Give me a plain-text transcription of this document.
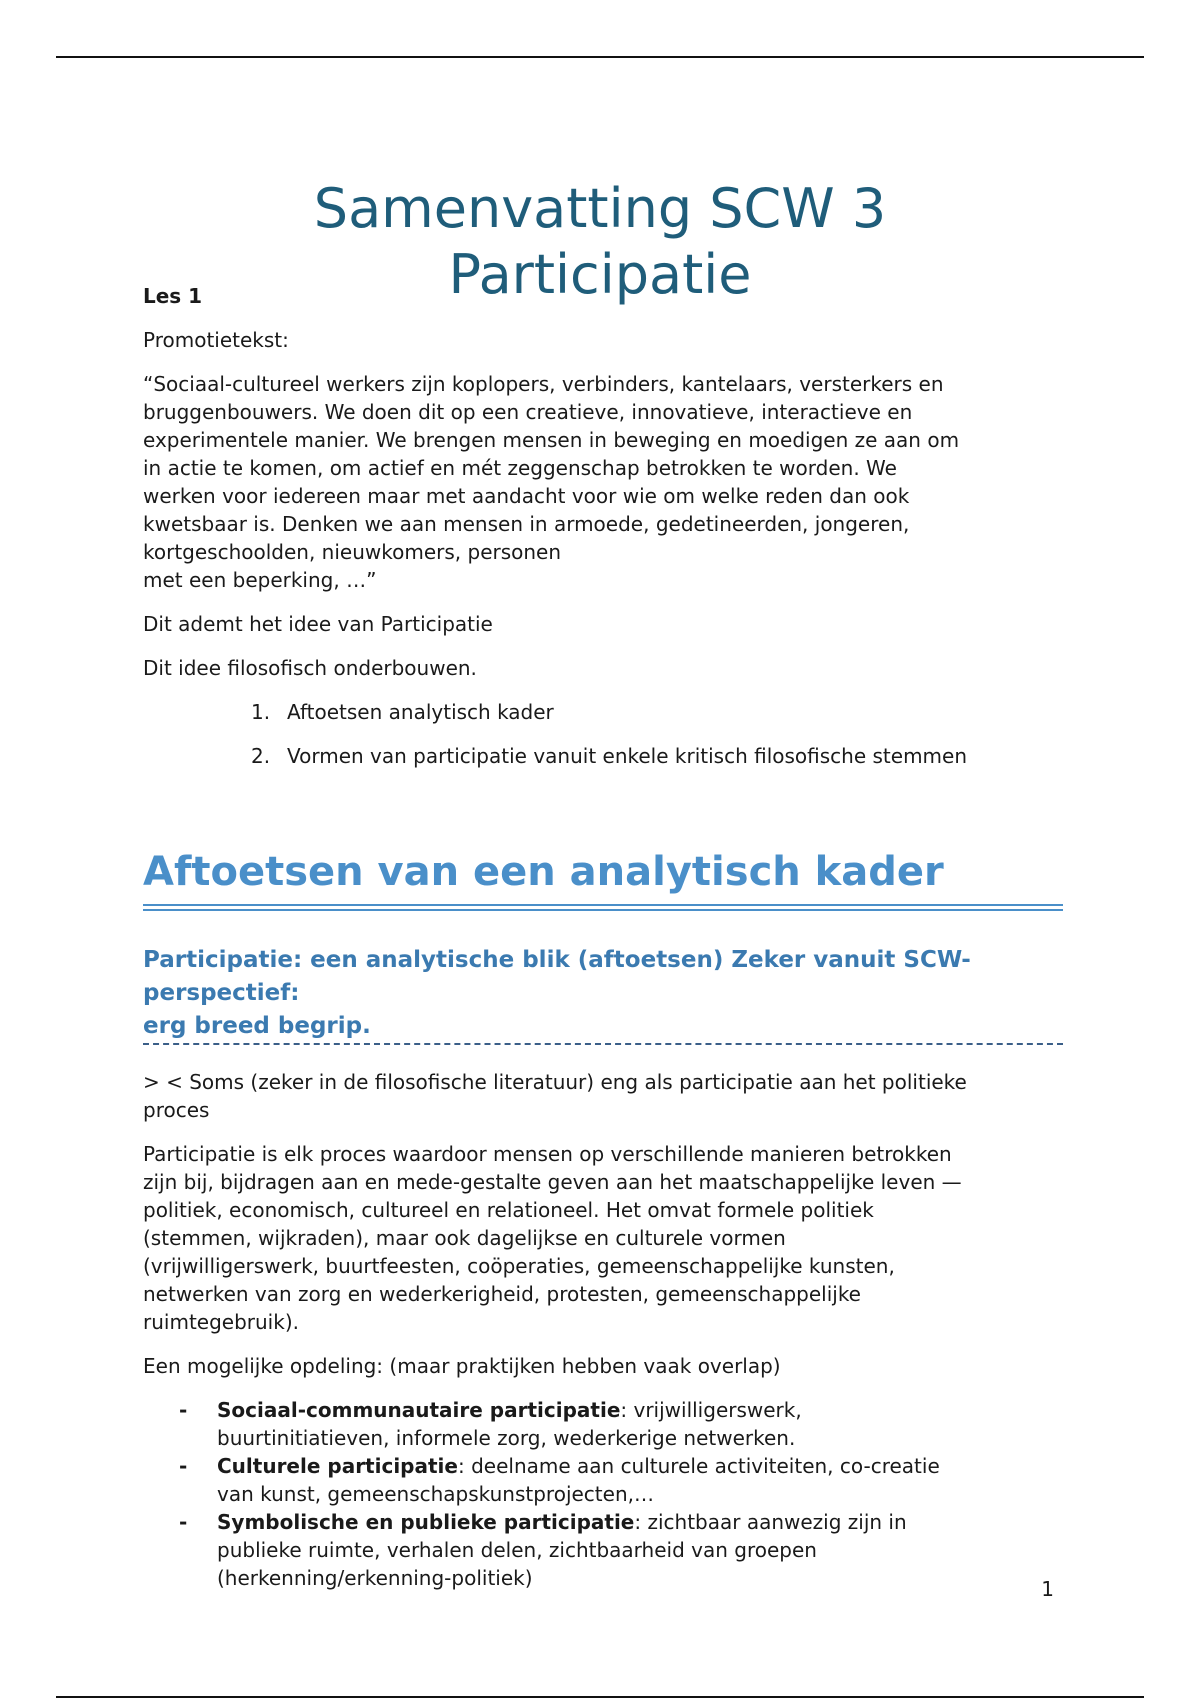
Samenvatting SCW 3
Participatie

Les 1

Promotietekst:

“Sociaal-cultureel werkers zijn koplopers, verbinders, kantelaars, versterkers en
bruggenbouwers. We doen dit op een creatieve, innovatieve, interactieve en
experimentele manier. We brengen mensen in beweging en moedigen ze aan om
in actie te komen, om actief en mét zeggenschap betrokken te worden. We
werken voor iedereen maar met aandacht voor wie om welke reden dan ook
kwetsbaar is. Denken we aan mensen in armoede, gedetineerden, jongeren,
kortgeschoolden, nieuwkomers, personen
met een beperking, …”

Dit ademt het idee van Participatie

Dit idee filosofisch onderbouwen.

1. Aftoetsen analytisch kader
2. Vormen van participatie vanuit enkele kritisch filosofische stemmen
Aftoetsen van een analytisch kader
Participatie: een analytische blik (aftoetsen) Zeker vanuit SCW-perspectief:
erg breed begrip.

> < Soms (zeker in de filosofische literatuur) eng als participatie aan het politieke
proces

Participatie is elk proces waardoor mensen op verschillende manieren betrokken
zijn bij, bijdragen aan en mede-gestalte geven aan het maatschappelijke leven —
politiek, economisch, cultureel en relationeel. Het omvat formele politiek
(stemmen, wijkraden), maar ook dagelijkse en culturele vormen
(vrijwilligerswerk, buurtfeesten, coöperaties, gemeenschappelijke kunsten,
netwerken van zorg en wederkerigheid, protesten, gemeenschappelijke
ruimtegebruik).

Een mogelijke opdeling: (maar praktijken hebben vaak overlap)

- Sociaal-communautaire participatie: vrijwilligerswerk,
buurtinitiatieven, informele zorg, wederkerige netwerken.
- Culturele participatie: deelname aan culturele activiteiten, co-creatie
van kunst, gemeenschapskunstprojecten,…
- Symbolische en publieke participatie: zichtbaar aanwezig zijn in
publieke ruimte, verhalen delen, zichtbaarheid van groepen
(herkenning/erkenning-politiek)	1
